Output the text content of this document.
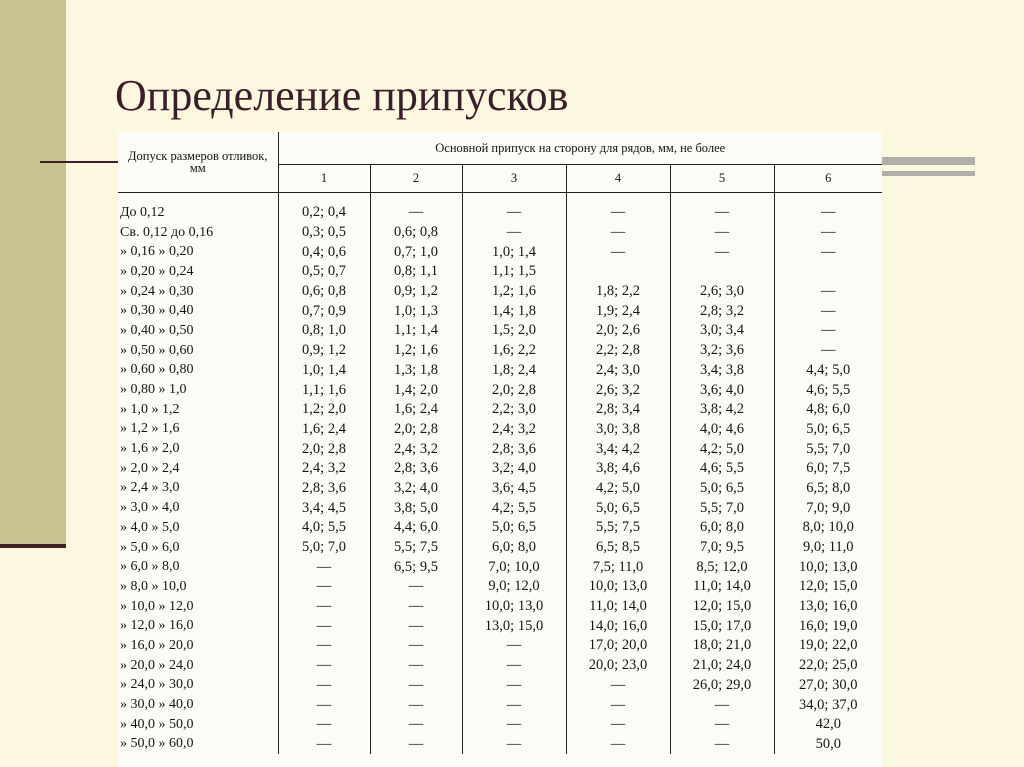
Определение припусков
Допуск размеров отливок, мм	Основной припуск на сторону для рядов, мм, не более					
	1	2	3	4	5	6

До 0,12	0,2; 0,4	—	—	—	—	—
Св. 0,12 до 0,16	0,3; 0,5	0,6; 0,8	—	—	—	—
» 0,16 » 0,20	0,4; 0,6	0,7; 1,0	1,0; 1,4	—	—	—
» 0,20 » 0,24	0,5; 0,7	0,8; 1,1	1,1; 1,5			
» 0,24 » 0,30	0,6; 0,8	0,9; 1,2	1,2; 1,6	1,8; 2,2	2,6; 3,0	—
» 0,30 » 0,40	0,7; 0,9	1,0; 1,3	1,4; 1,8	1,9; 2,4	2,8; 3,2	—
» 0,40 » 0,50	0,8; 1,0	1,1; 1,4	1,5; 2,0	2,0; 2,6	3,0; 3,4	—
» 0,50 » 0,60	0,9; 1,2	1,2; 1,6	1,6; 2,2	2,2; 2,8	3,2; 3,6	—
» 0,60 » 0,80	1,0; 1,4	1,3; 1,8	1,8; 2,4	2,4; 3,0	3,4; 3,8	4,4; 5,0
» 0,80 » 1,0	1,1; 1,6	1,4; 2,0	2,0; 2,8	2,6; 3,2	3,6; 4,0	4,6; 5,5
» 1,0 » 1,2	1,2; 2,0	1,6; 2,4	2,2; 3,0	2,8; 3,4	3,8; 4,2	4,8; 6,0
» 1,2 » 1,6	1,6; 2,4	2,0; 2,8	2,4; 3,2	3,0; 3,8	4,0; 4,6	5,0; 6,5
» 1,6 » 2,0	2,0; 2,8	2,4; 3,2	2,8; 3,6	3,4; 4,2	4,2; 5,0	5,5; 7,0
» 2,0 » 2,4	2,4; 3,2	2,8; 3,6	3,2; 4,0	3,8; 4,6	4,6; 5,5	6,0; 7,5
» 2,4 » 3,0	2,8; 3,6	3,2; 4,0	3,6; 4,5	4,2; 5,0	5,0; 6,5	6,5; 8,0
» 3,0 » 4,0	3,4; 4,5	3,8; 5,0	4,2; 5,5	5,0; 6,5	5,5; 7,0	7,0; 9,0
» 4,0 » 5,0	4,0; 5,5	4,4; 6,0	5,0; 6,5	5,5; 7,5	6,0; 8,0	8,0; 10,0
» 5,0 » 6,0	5,0; 7,0	5,5; 7,5	6,0; 8,0	6,5; 8,5	7,0; 9,5	9,0; 11,0
» 6,0 » 8,0	—	6,5; 9,5	7,0; 10,0	7,5; 11,0	8,5; 12,0	10,0; 13,0
» 8,0 » 10,0	—	—	9,0; 12,0	10,0; 13,0	11,0; 14,0	12,0; 15,0
» 10,0 » 12,0	—	—	10,0; 13,0	11,0; 14,0	12,0; 15,0	13,0; 16,0
» 12,0 » 16,0	—	—	13,0; 15,0	14,0; 16,0	15,0; 17,0	16,0; 19,0
» 16,0 » 20,0	—	—	—	17,0; 20,0	18,0; 21,0	19,0; 22,0
» 20,0 » 24,0	—	—	—	20,0; 23,0	21,0; 24,0	22,0; 25,0
» 24,0 » 30,0	—	—	—	—	26,0; 29,0	27,0; 30,0
» 30,0 » 40,0	—	—	—	—	—	34,0; 37,0
» 40,0 » 50,0	—	—	—	—	—	42,0
» 50,0 » 60,0	—	—	—	—	—	50,0
